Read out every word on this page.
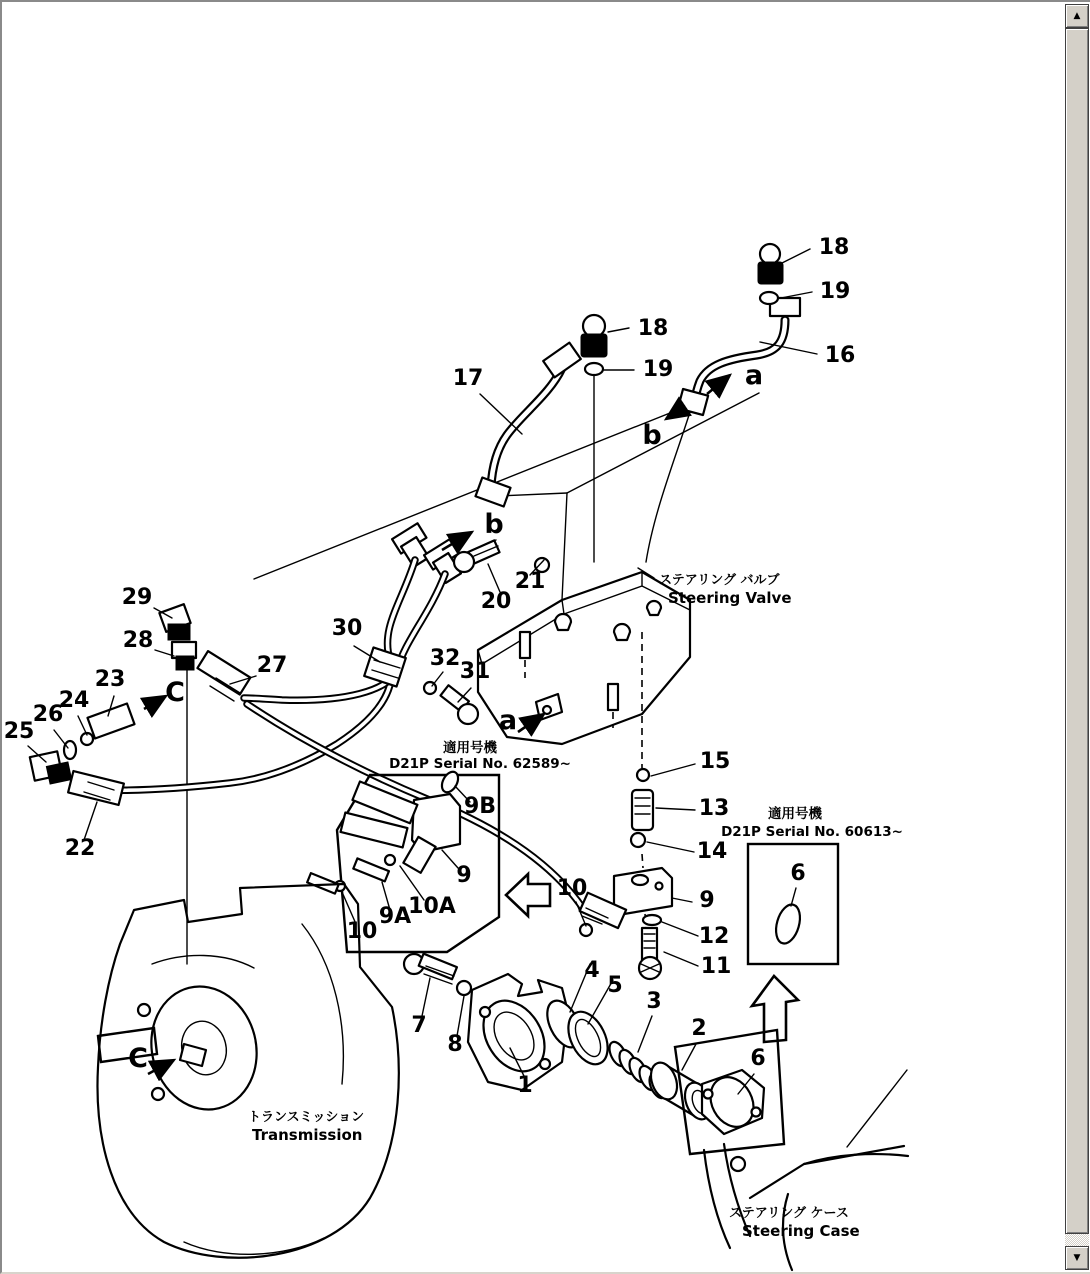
ステアリング バルブ
Steering Valve
適用号機
D21P Serial No. 62589~
適用号機
D21P Serial No. 60613~
トランスミッション
Transmission
ステアリング ケース
Steering Case
18
19
16
17
18
19
20
21
29
28	30
32
31
27
23
24
26
25
22
15
13
14
9B
9
10A
9A
10
10	9
12
11
6
7
8
1
4
5
3
2
6
a
b
b
a
C
C
▲
▼
